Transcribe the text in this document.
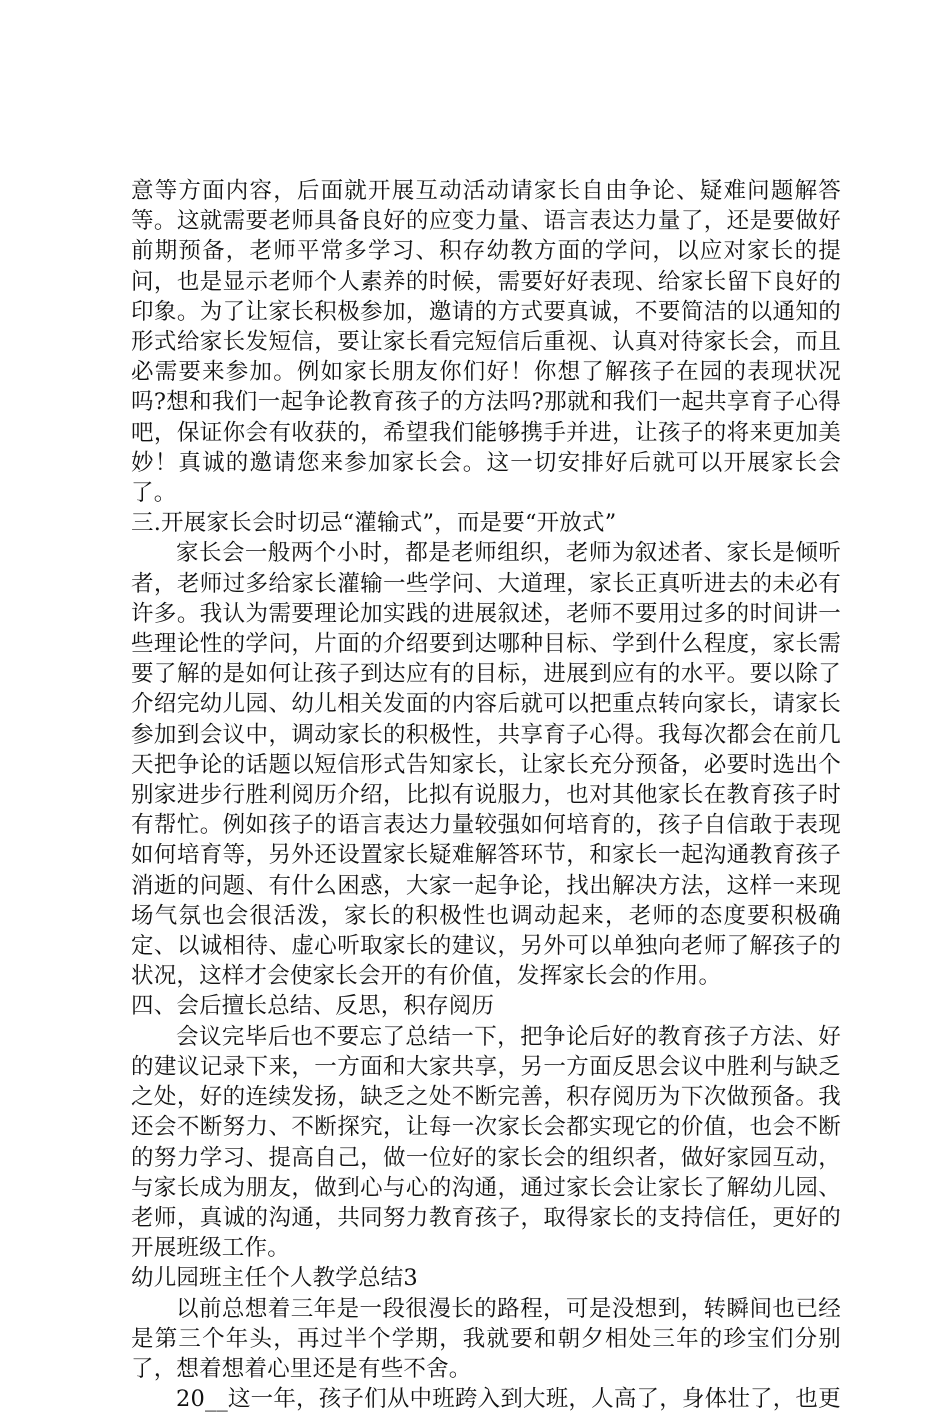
意等方面内容，后面就开展互动活动请家长自由争论、疑难问题解答等。这就需要老师具备良好的应变力量、语言表达力量了，还是要做好前期预备，老师平常多学习、积存幼教方面的学问，以应对家长的提问，也是显示老师个人素养的时候，需要好好表现、给家长留下良好的印象。为了让家长积极参加，邀请的方式要真诚，不要简洁的以通知的形式给家长发短信，要让家长看完短信后重视、认真对待家长会，而且必需要来参加。例如家长朋友你们好！你想了解孩子在园的表现状况吗?想和我们一起争论教育孩子的方法吗?那就和我们一起共享育子心得吧，保证你会有收获的，希望我们能够携手并进，让孩子的将来更加美妙！真诚的邀请您来参加家长会。这一切安排好后就可以开展家长会了。

三.开展家长会时切忌“灌输式”，而是要“开放式”

家长会一般两个小时，都是老师组织，老师为叙述者、家长是倾听者，老师过多给家长灌输一些学问、大道理，家长正真听进去的未必有许多。我认为需要理论加实践的进展叙述，老师不要用过多的时间讲一些理论性的学问，片面的介绍要到达哪种目标、学到什么程度，家长需要了解的是如何让孩子到达应有的目标，进展到应有的水平。要以除了介绍完幼儿园、幼儿相关发面的内容后就可以把重点转向家长，请家长参加到会议中，调动家长的积极性，共享育子心得。我每次都会在前几天把争论的话题以短信形式告知家长，让家长充分预备，必要时选出个别家进步行胜利阅历介绍，比拟有说服力，也对其他家长在教育孩子时有帮忙。例如孩子的语言表达力量较强如何培育的，孩子自信敢于表现如何培育等，另外还设置家长疑难解答环节，和家长一起沟通教育孩子消逝的问题、有什么困惑，大家一起争论，找出解决方法，这样一来现场气氛也会很活泼，家长的积极性也调动起来，老师的态度要积极确定、以诚相待、虚心听取家长的建议，另外可以单独向老师了解孩子的状况，这样才会使家长会开的有价值，发挥家长会的作用。

四、会后擅长总结、反思，积存阅历

会议完毕后也不要忘了总结一下，把争论后好的教育孩子方法、好的建议记录下来，一方面和大家共享，另一方面反思会议中胜利与缺乏之处，好的连续发扬，缺乏之处不断完善，积存阅历为下次做预备。我还会不断努力、不断探究，让每一次家长会都实现它的价值，也会不断的努力学习、提高自己，做一位好的家长会的组织者，做好家园互动，与家长成为朋友，做到心与心的沟通，通过家长会让家长了解幼儿园、老师，真诚的沟通，共同努力教育孩子，取得家长的支持信任，更好的开展班级工作。

幼儿园班主任个人教学总结3

以前总想着三年是一段很漫长的路程，可是没想到，转瞬间也已经是第三个年头，再过半个学期，我就要和朝夕相处三年的珍宝们分别了，想着想着心里还是有些不舍。

20__这一年，孩子们从中班跨入到大班，人高了，身体壮了，也更
